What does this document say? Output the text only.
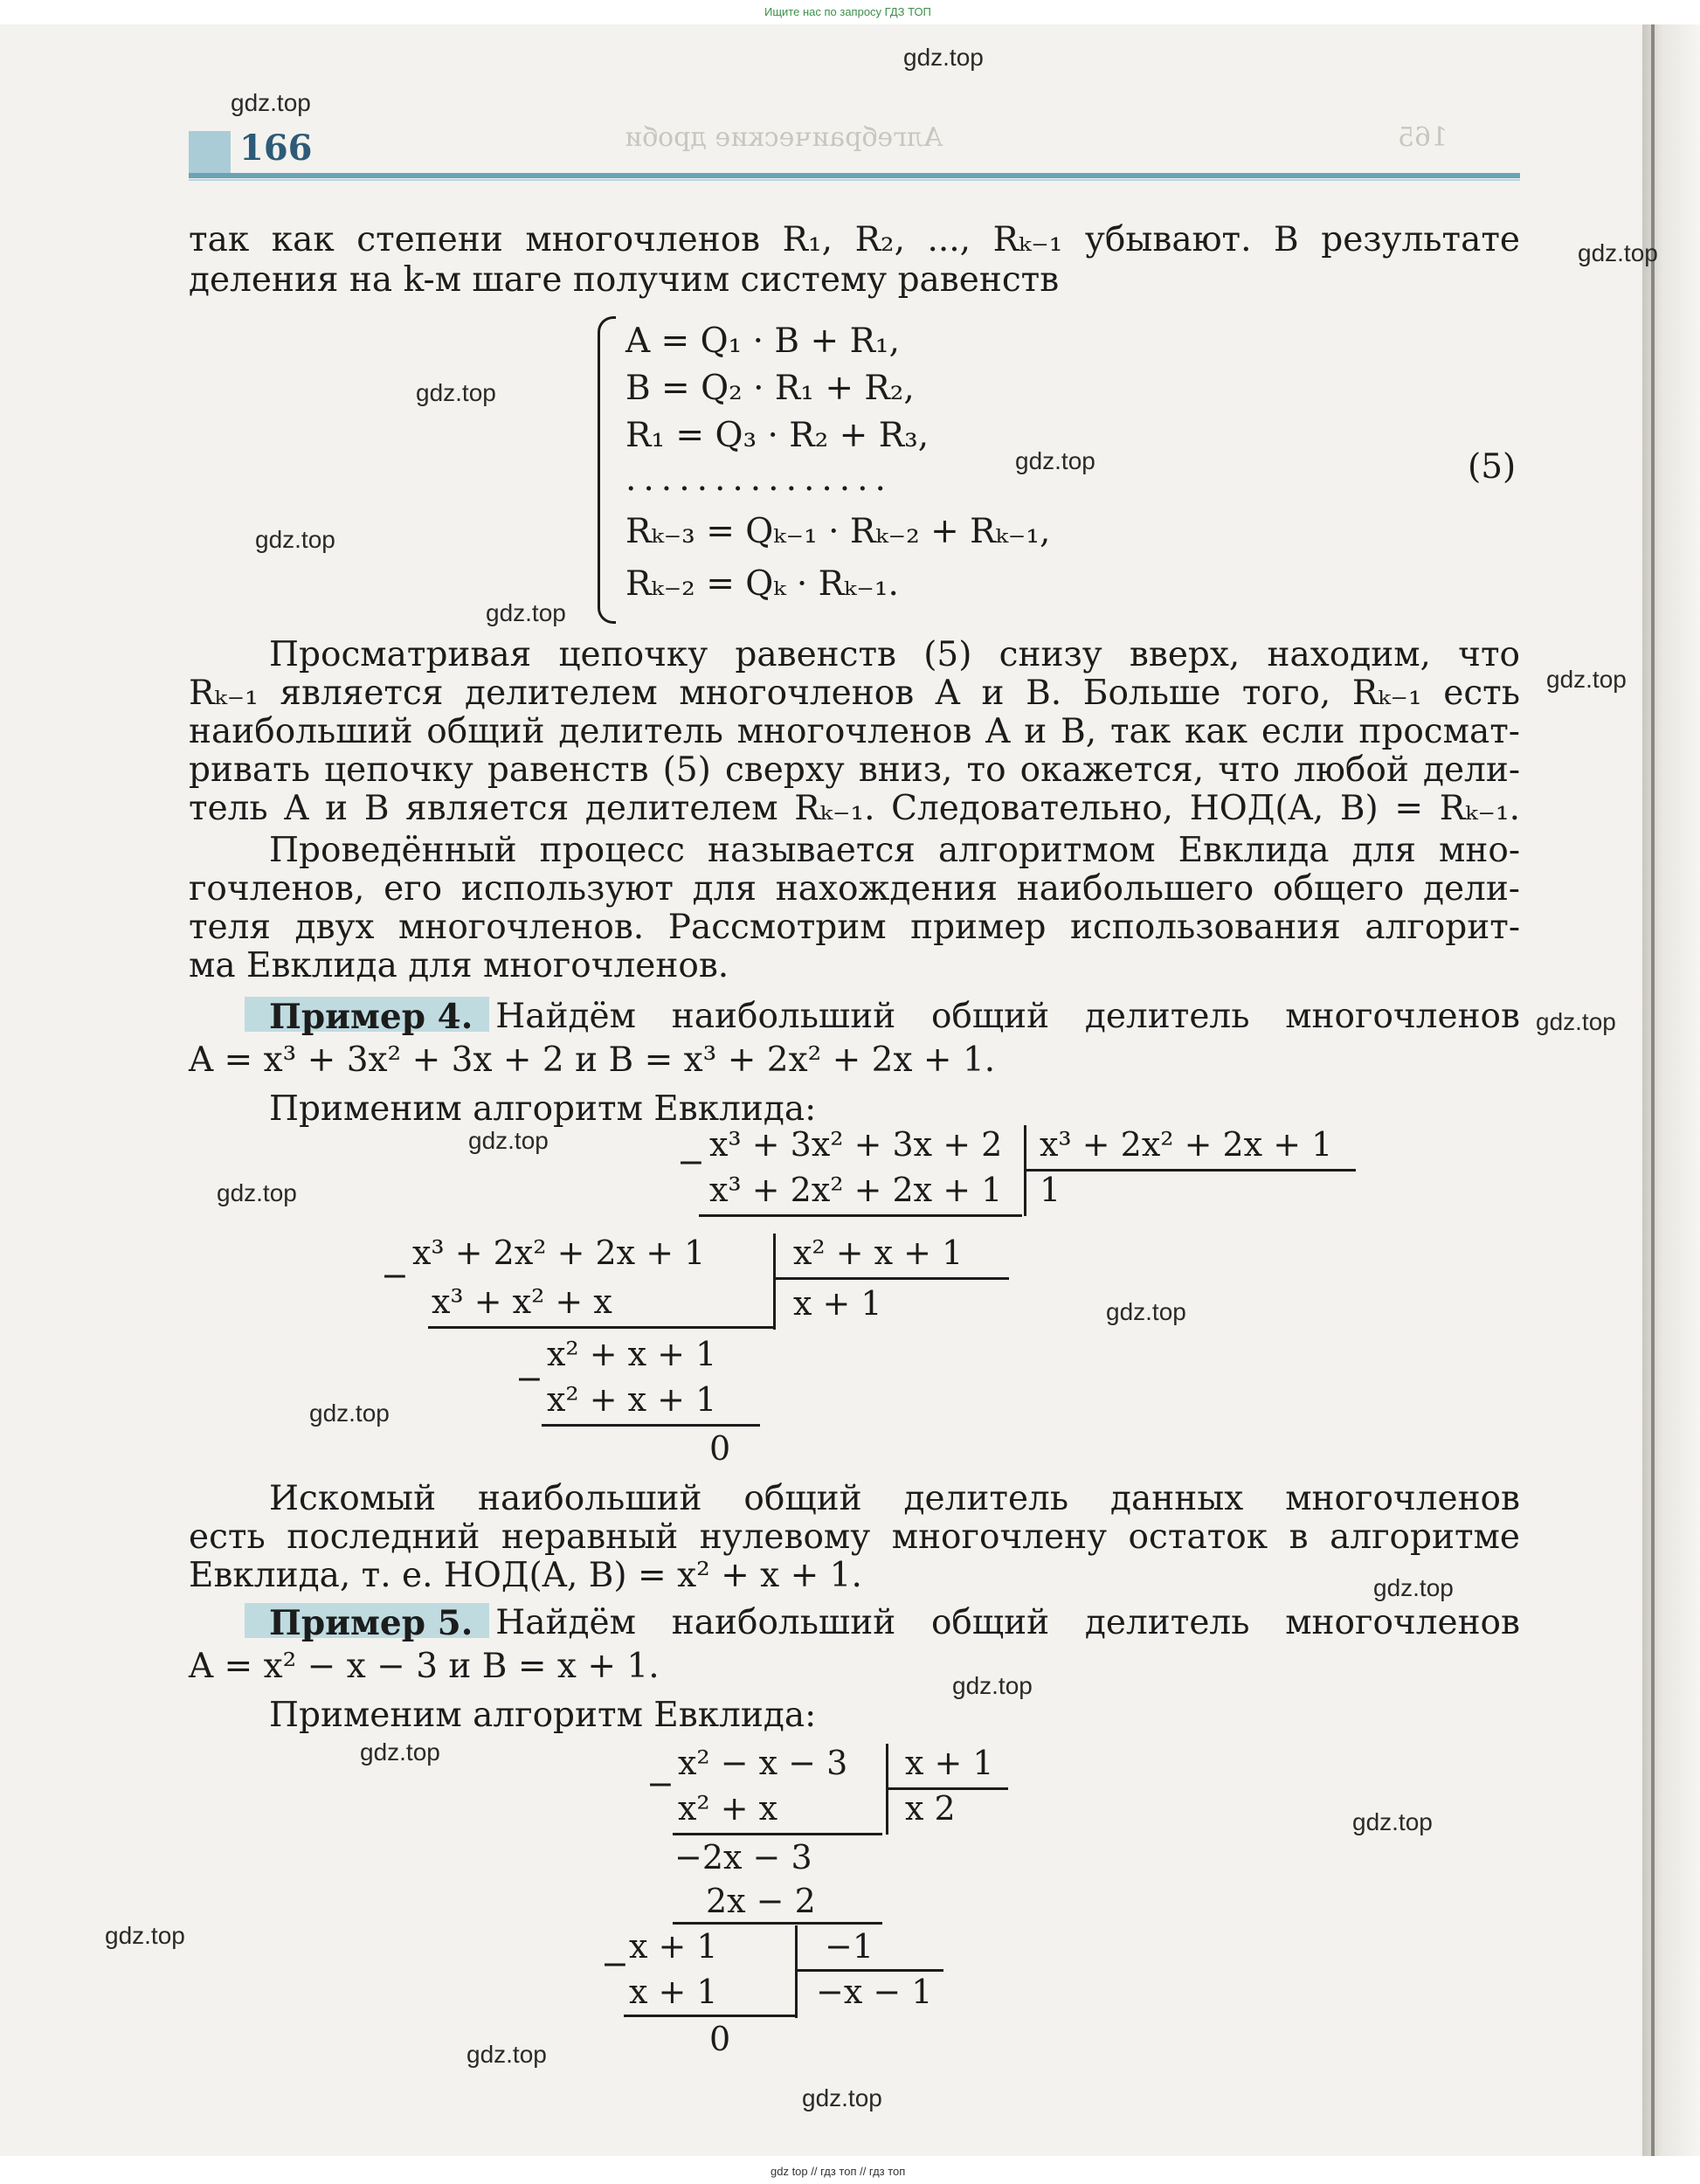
Ищите нас по запросу ГДЗ ТОП
gdz top // гдз топ // гдз топ
Алгебраические дроби	165
166
так как степени многочленов R₁, R₂, ..., Rₖ₋₁ убывают. В результате
деления на k-м шаге получим систему равенств
A = Q₁ · B + R₁,
B = Q₂ · R₁ + R₂,
R₁ = Q₃ · R₂ + R₃,
...............
Rₖ₋₃ = Qₖ₋₁ · Rₖ₋₂ + Rₖ₋₁,
Rₖ₋₂ = Qₖ · Rₖ₋₁.
(5)
Просматривая цепочку равенств (5) снизу вверх, находим, что
Rₖ₋₁ является делителем многочленов A и B. Больше того, Rₖ₋₁ есть
наибольший общий делитель многочленов A и B, так как если просмат-
ривать цепочку равенств (5) сверху вниз, то окажется, что любой дели-
тель A и B является делителем Rₖ₋₁. Следовательно, НОД(A, B) = Rₖ₋₁.
Проведённый процесс называется алгоритмом Евклида для мно-
гочленов, его используют для нахождения наибольшего общего дели-
теля двух многочленов. Рассмотрим пример использования алгорит-
ма Евклида для многочленов.
Пример 4. Найдём наибольший общий делитель многочленов
A = x³ + 3x² + 3x + 2 и B = x³ + 2x² + 2x + 1.
Применим алгоритм Евклида:
− x³ + 3x² + 3x + 2
x³ + 2x² + 2x + 1
x³ + 2x² + 2x + 1
1
x³ + 2x² + 2x + 1
−
x³ + x² + x
x² + x + 1
x + 1
x² + x + 1
−
x² + x + 1
0
Искомый наибольший общий делитель данных многочленов
есть последний неравный нулевому многочлену остаток в алгоритме
Евклида, т. е. НОД(A, B) = x² + x + 1.
Пример 5. Найдём наибольший общий делитель многочленов
A = x² − x − 3 и B = x + 1.
Применим алгоритм Евклида:
−
x² − x − 3
x² + x
x + 1
x 2
−2x − 3
2x − 2
− x + 1
x + 1
−1
−x − 1
0
gdz.top
gdz.top
gdz.top
gdz.top
gdz.top
gdz.top
gdz.top
gdz.top
gdz.top
gdz.top
gdz.top
gdz.top
gdz.top
gdz.top
gdz.top
gdz.top
gdz.top
gdz.top
gdz.top
gdz.top
